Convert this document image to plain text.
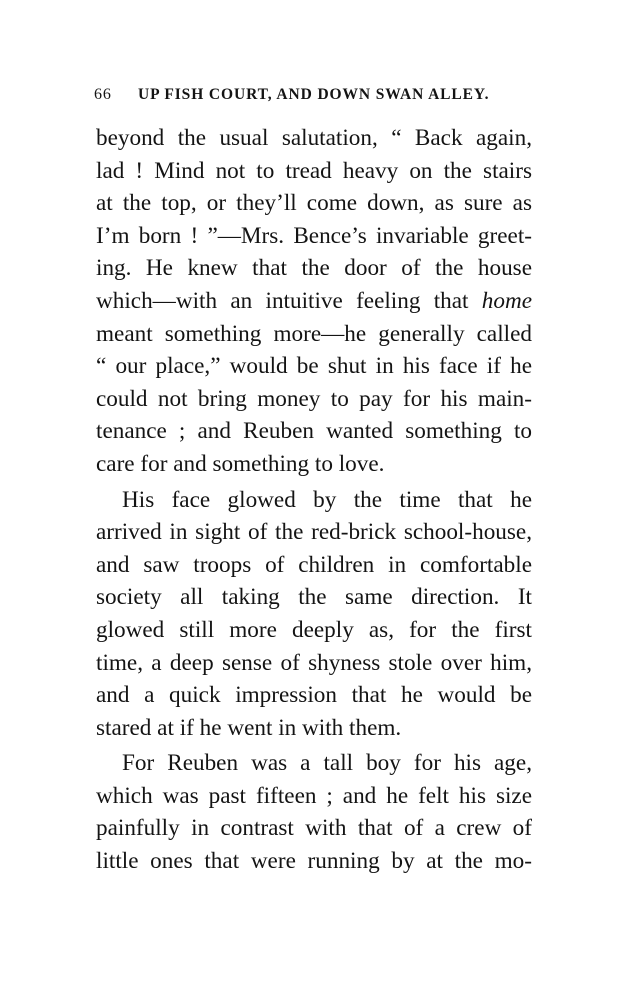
66 UP FISH COURT, AND DOWN SWAN ALLEY.
beyond the usual salutation, “ Back again,
lad ! Mind not to tread heavy on the stairs
at the top, or they’ll come down, as sure as
I’m born ! ”—Mrs. Bence’s invariable greet-
ing. He knew that the door of the house
which—with an intuitive feeling that home
meant something more—he generally called
“ our place,” would be shut in his face if he
could not bring money to pay for his main-
tenance ; and Reuben wanted something to
care for and something to love.
His face glowed by the time that he
arrived in sight of the red-brick school-house,
and saw troops of children in comfortable
society all taking the same direction. It
glowed still more deeply as, for the first
time, a deep sense of shyness stole over him,
and a quick impression that he would be
stared at if he went in with them.
For Reuben was a tall boy for his age,
which was past fifteen ; and he felt his size
painfully in contrast with that of a crew of
little ones that were running by at the mo-
